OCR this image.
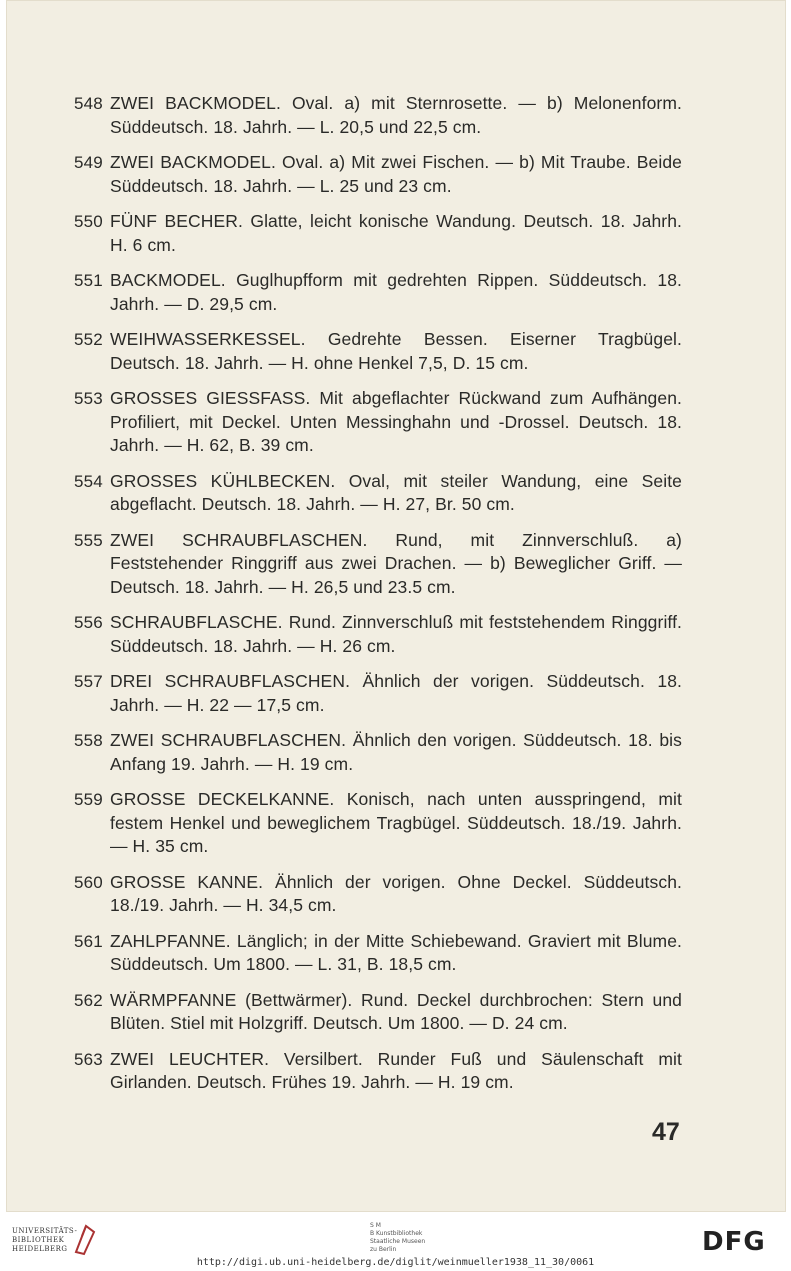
548 ZWEI BACKMODEL. Oval. a) mit Sternrosette. — b) Melonenform. Süddeutsch. 18. Jahrh. — L. 20,5 und 22,5 cm.
549 ZWEI BACKMODEL. Oval. a) Mit zwei Fischen. — b) Mit Traube. Beide Süddeutsch. 18. Jahrh. — L. 25 und 23 cm.
550 FÜNF BECHER. Glatte, leicht konische Wandung. Deutsch. 18. Jahrh. H. 6 cm.
551 BACKMODEL. Guglhupfform mit gedrehten Rippen. Süddeutsch. 18. Jahrh. — D. 29,5 cm.
552 WEIHWASSERKESSEL. Gedrehte Bessen. Eiserner Tragbügel. Deutsch. 18. Jahrh. — H. ohne Henkel 7,5, D. 15 cm.
553 GROSSES GIESSFASS. Mit abgeflachter Rückwand zum Aufhängen. Profiliert, mit Deckel. Unten Messinghahn und -Drossel. Deutsch. 18. Jahrh. — H. 62, B. 39 cm.
554 GROSSES KÜHLBECKEN. Oval, mit steiler Wandung, eine Seite abgeflacht. Deutsch. 18. Jahrh. — H. 27, Br. 50 cm.
555 ZWEI SCHRAUBFLASCHEN. Rund, mit Zinnverschluß. a) Feststehender Ringgriff aus zwei Drachen. — b) Beweglicher Griff. — Deutsch. 18. Jahrh. — H. 26,5 und 23.5 cm.
556 SCHRAUBFLASCHE. Rund. Zinnverschluß mit feststehendem Ringgriff. Süddeutsch. 18. Jahrh. — H. 26 cm.
557 DREI SCHRAUBFLASCHEN. Ähnlich der vorigen. Süddeutsch. 18. Jahrh. — H. 22 — 17,5 cm.
558 ZWEI SCHRAUBFLASCHEN. Ähnlich den vorigen. Süddeutsch. 18. bis Anfang 19. Jahrh. — H. 19 cm.
559 GROSSE DECKELKANNE. Konisch, nach unten ausspringend, mit festem Henkel und beweglichem Tragbügel. Süddeutsch. 18./19. Jahrh. — H. 35 cm.
560 GROSSE KANNE. Ähnlich der vorigen. Ohne Deckel. Süddeutsch. 18./19. Jahrh. — H. 34,5 cm.
561 ZAHLPFANNE. Länglich; in der Mitte Schiebewand. Graviert mit Blume. Süddeutsch. Um 1800. — L. 31, B. 18,5 cm.
562 WÄRMPFANNE (Bettwärmer). Rund. Deckel durchbrochen: Stern und Blüten. Stiel mit Holzgriff. Deutsch. Um 1800. — D. 24 cm.
563 ZWEI LEUCHTER. Versilbert. Runder Fuß und Säulenschaft mit Girlanden. Deutsch. Frühes 19. Jahrh. — H. 19 cm.
47
UNIVERSITÄTS-
BIBLIOTHEK
HEIDELBERG
S M
B Kunstbibliothek
Staatliche Museen
zu Berlin	DFG
http://digi.ub.uni-heidelberg.de/diglit/weinmueller1938_11_30/0061
